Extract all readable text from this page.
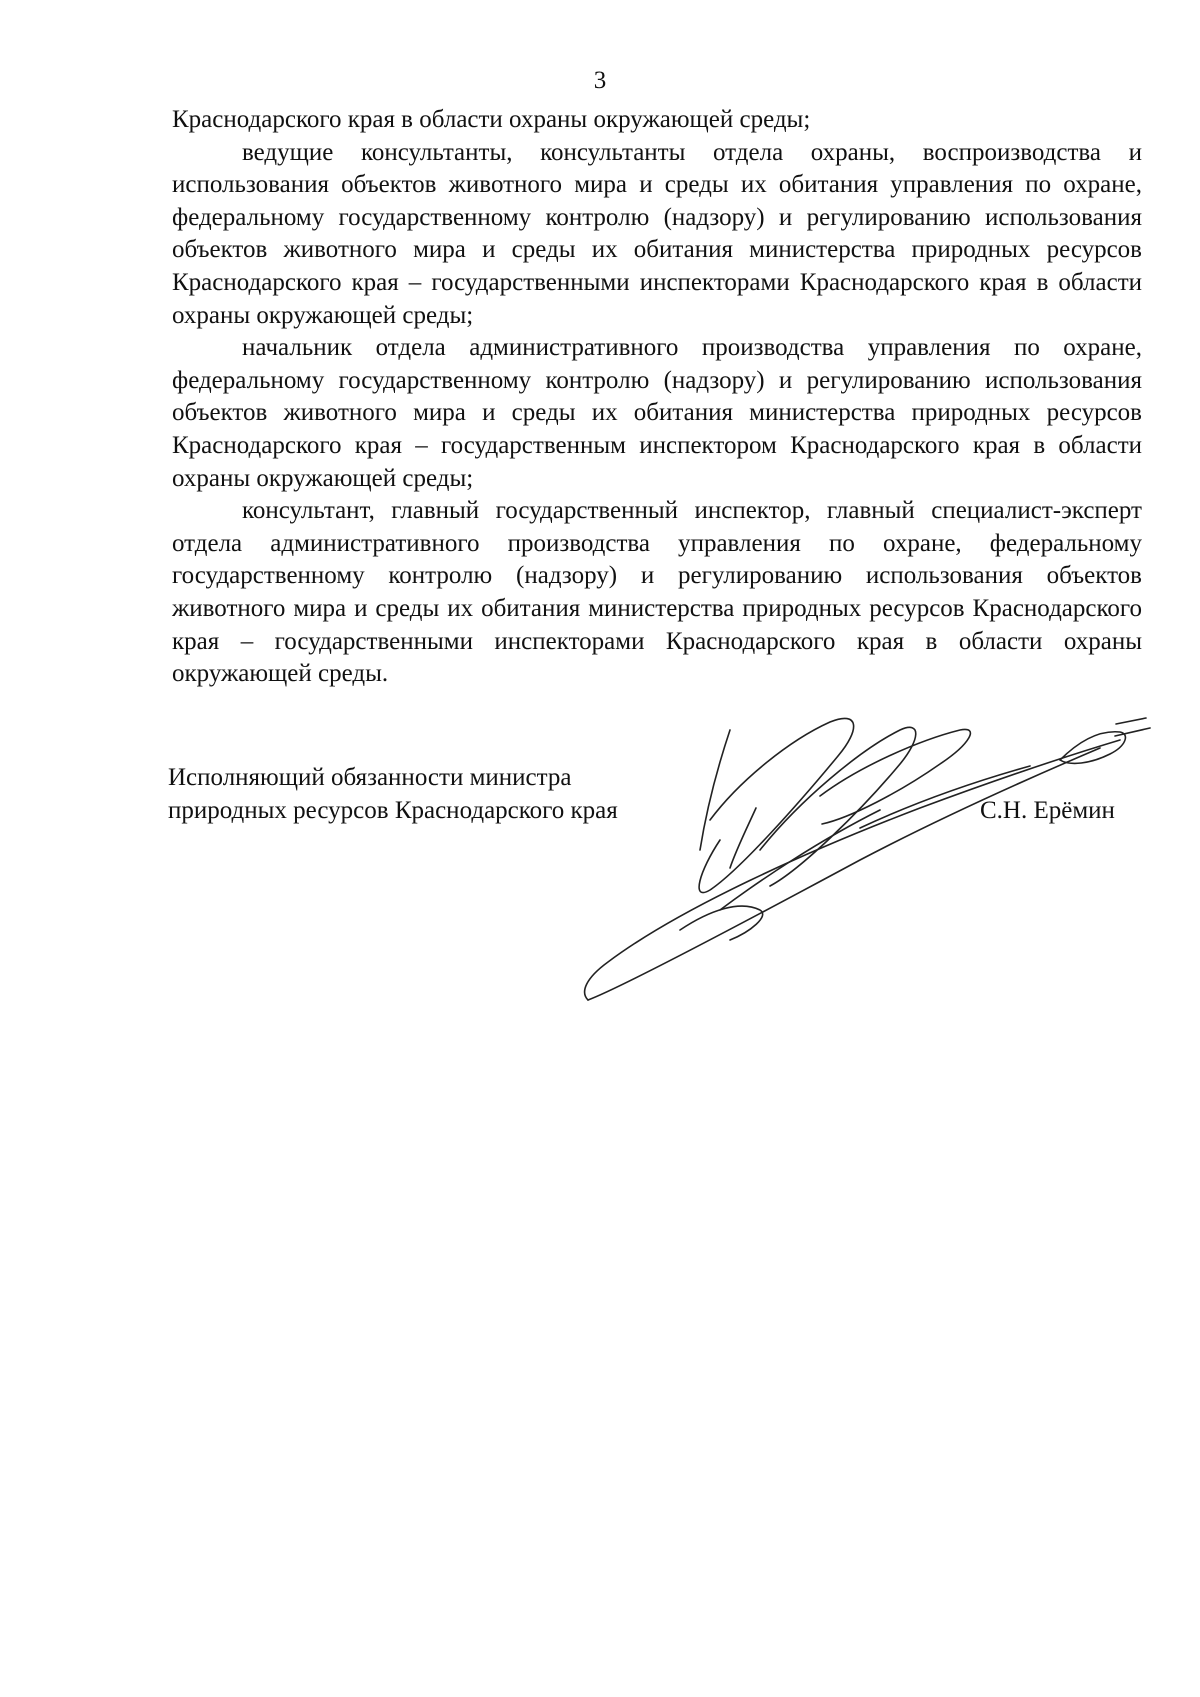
3

Краснодарского края в области охраны окружающей среды;

ведущие консультанты, консультанты отдела охраны, воспроизводства и использования объектов животного мира и среды их обитания управления по охране, федеральному государственному контролю (надзору) и регулированию использования объектов животного мира и среды их обитания министерства природных ресурсов Краснодарского края – государственными инспекторами Краснодарского края в области охраны окружающей среды;

начальник отдела административного производства управления по охране, федеральному государственному контролю (надзору) и регулированию использования объектов животного мира и среды их обитания министерства природных ресурсов Краснодарского края – государственным инспектором Краснодарского края в области охраны окружающей среды;

консультант, главный государственный инспектор, главный специалист-эксперт отдела административного производства управления по охране, федеральному государственному контролю (надзору) и регулированию использования объектов животного мира и среды их обитания министерства природных ресурсов Краснодарского края – государственными инспекторами Краснодарского края в области охраны окружающей среды.

Исполняющий обязанности министра
природных ресурсов Краснодарского края	С.Н. Ерёмин
